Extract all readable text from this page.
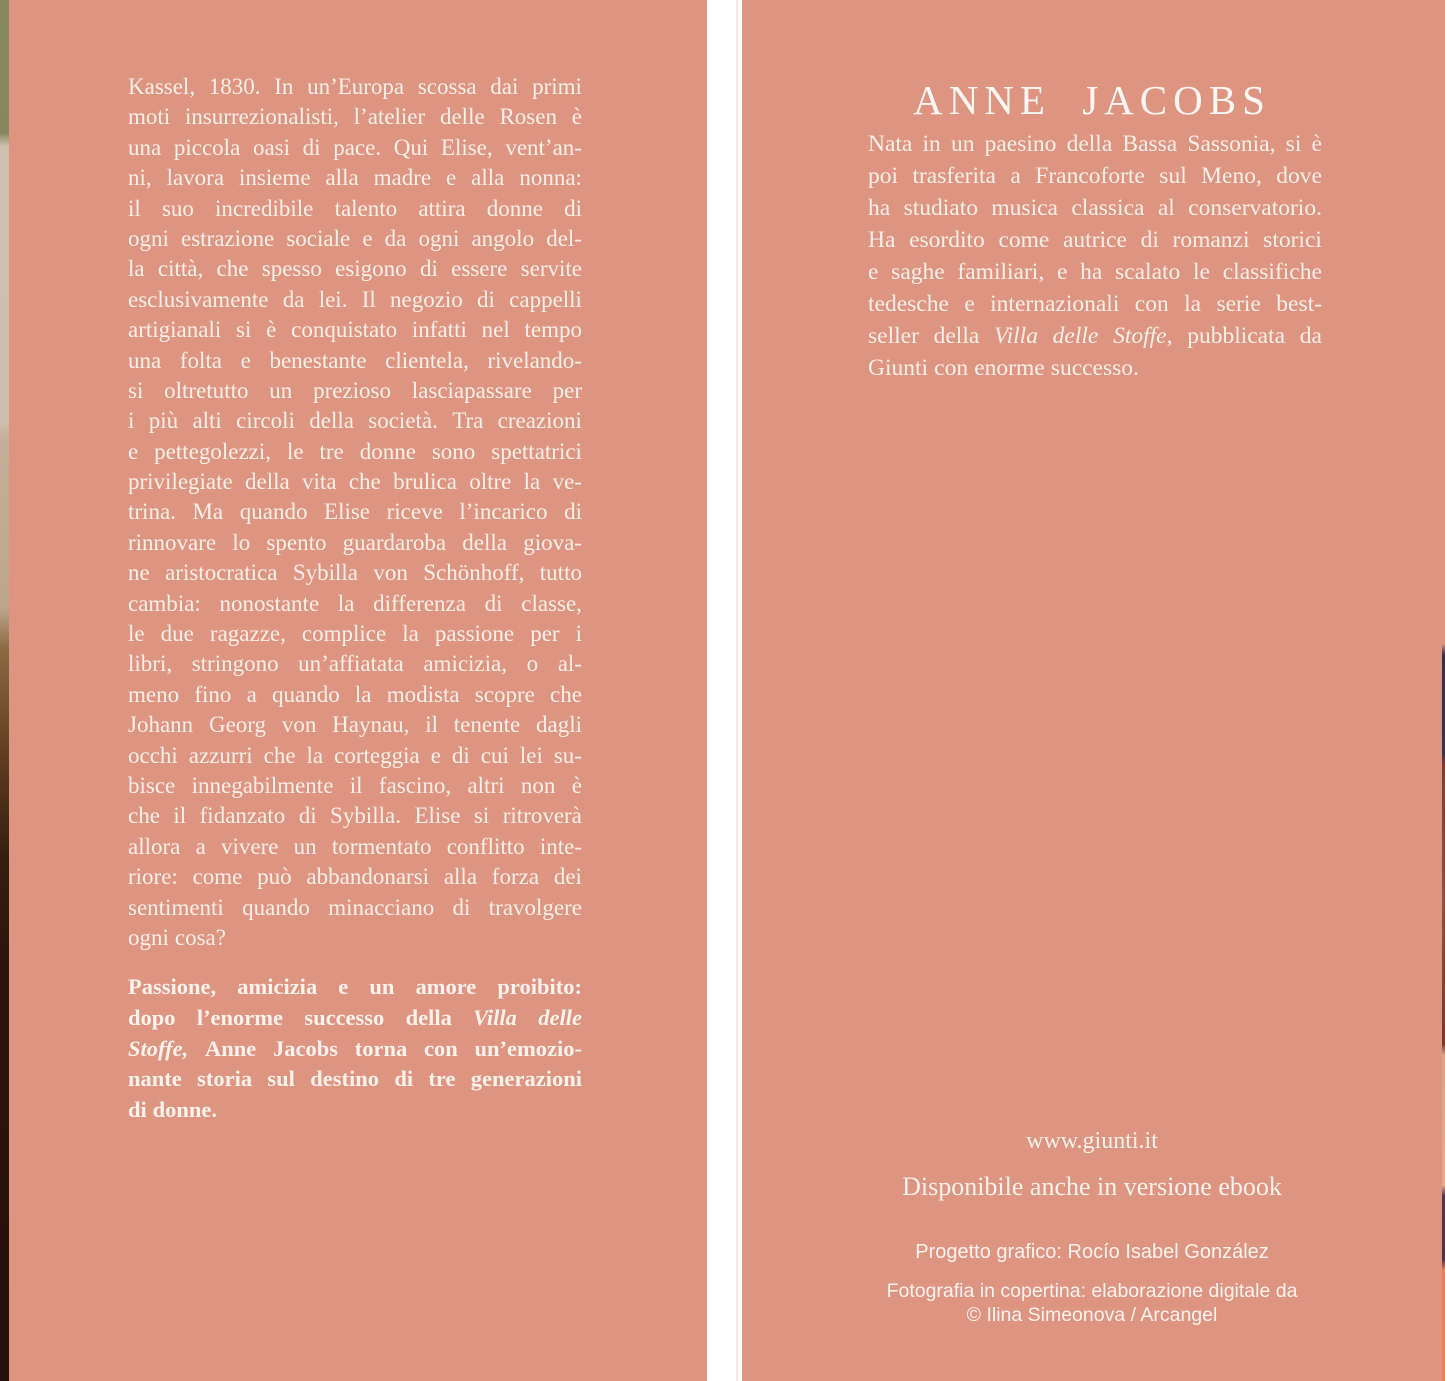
Kassel, 1830. In un’Europa scossa dai primi
moti insurrezionalisti, l’atelier delle Rosen è
una piccola oasi di pace. Qui Elise, vent’an-
ni, lavora insieme alla madre e alla nonna:
il suo incredibile talento attira donne di
ogni estrazione sociale e da ogni angolo del-
la città, che spesso esigono di essere servite
esclusivamente da lei. Il negozio di cappelli
artigianali si è conquistato infatti nel tempo
una folta e benestante clientela, rivelando-
si oltretutto un prezioso lasciapassare per
i più alti circoli della società. Tra creazioni
e pettegolezzi, le tre donne sono spettatrici
privilegiate della vita che brulica oltre la ve-
trina. Ma quando Elise riceve l’incarico di
rinnovare lo spento guardaroba della giova-
ne aristocratica Sybilla von Schönhoff, tutto
cambia: nonostante la differenza di classe,
le due ragazze, complice la passione per i
libri, stringono un’affiatata amicizia, o al-
meno fino a quando la modista scopre che
Johann Georg von Haynau, il tenente dagli
occhi azzurri che la corteggia e di cui lei su-
bisce innegabilmente il fascino, altri non è
che il fidanzato di Sybilla. Elise si ritroverà
allora a vivere un tormentato conflitto inte-
riore: come può abbandonarsi alla forza dei
sentimenti quando minacciano di travolgere
ogni cosa?
Passione, amicizia e un amore proibito:
dopo l’enorme successo della Villa delle
Stoffe, Anne Jacobs torna con un’emozio-
nante storia sul destino di tre generazioni
di donne.
ANNE JACOBS
Nata in un paesino della Bassa Sassonia, si è
poi trasferita a Francoforte sul Meno, dove
ha studiato musica classica al conservatorio.
Ha esordito come autrice di romanzi storici
e saghe familiari, e ha scalato le classifiche
tedesche e internazionali con la serie best-
seller della Villa delle Stoffe, pubblicata da
Giunti con enorme successo.
www.giunti.it
Disponibile anche in versione ebook
Progetto grafico: Rocío Isabel González
Fotografia in copertina: elaborazione digitale da
© Ilina Simeonova / Arcangel
